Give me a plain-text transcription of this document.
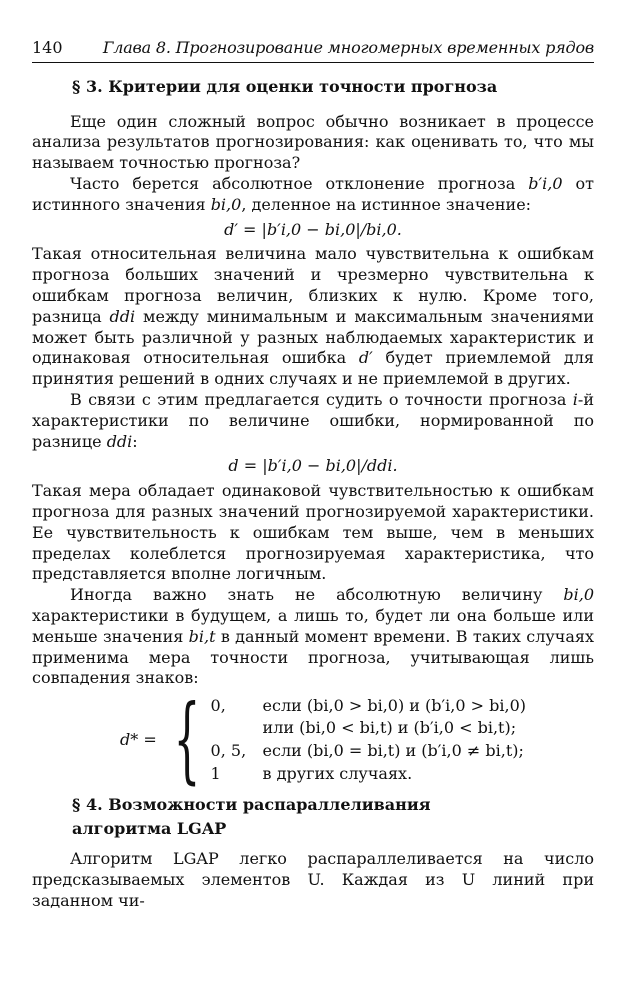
140	Глава 8. Прогнозирование многомерных временных рядов
§ 3. Критерии для оценки точности прогноза

Еще один сложный вопрос обычно возникает в процессе анализа результатов прогнозирования: как оценивать то, что мы называем точностью прогноза?

Часто берется абсолютное отклонение прогноза b′i,0 от истинного значения bi,0, деленное на истинное значение:

d′ = |b′i,0 − bi,0|/bi,0.

Такая относительная величина мало чувствительна к ошибкам прогноза больших значений и чрезмерно чувствительна к ошибкам прогноза величин, близких к нулю. Кроме того, разница ddi между минимальным и максимальным значениями может быть различной у разных наблюдаемых характеристик и одинаковая относительная ошибка d′ будет приемлемой для принятия решений в одних случаях и не приемлемой в других.

В связи с этим предлагается судить о точности прогноза i-й характеристики по величине ошибки, нормированной по разнице ddi:

d = |b′i,0 − bi,0|/ddi.

Такая мера обладает одинаковой чувствительностью к ошибкам прогноза для разных значений прогнозируемой характеристики. Ее чувствительность к ошибкам тем выше, чем в меньших пределах колеблется прогнозируемая характеристика, что представляется вполне логичным.

Иногда важно знать не абсолютную величину bi,0 характеристики в будущем, а лишь то, будет ли она больше или меньше значения bi,t в данный момент времени. В таких случаях применима мера точности прогноза, учитывающая лишь совпадения знаков:

d* = { 0,	если (bi,0 > bi,0) и (b′i,0 > bi,0)
или (bi,0 < bi,t) и (b′i,0 < bi,t);
0, 5,	если (bi,0 = bi,t) и (b′i,0 ≠ bi,t);
1	в других случаях.
§ 4. Возможности распараллеливания
алгоритма LGAP

Алгоритм LGAP легко распараллеливается на число предсказываемых элементов U. Каждая из U линий при заданном чи-
